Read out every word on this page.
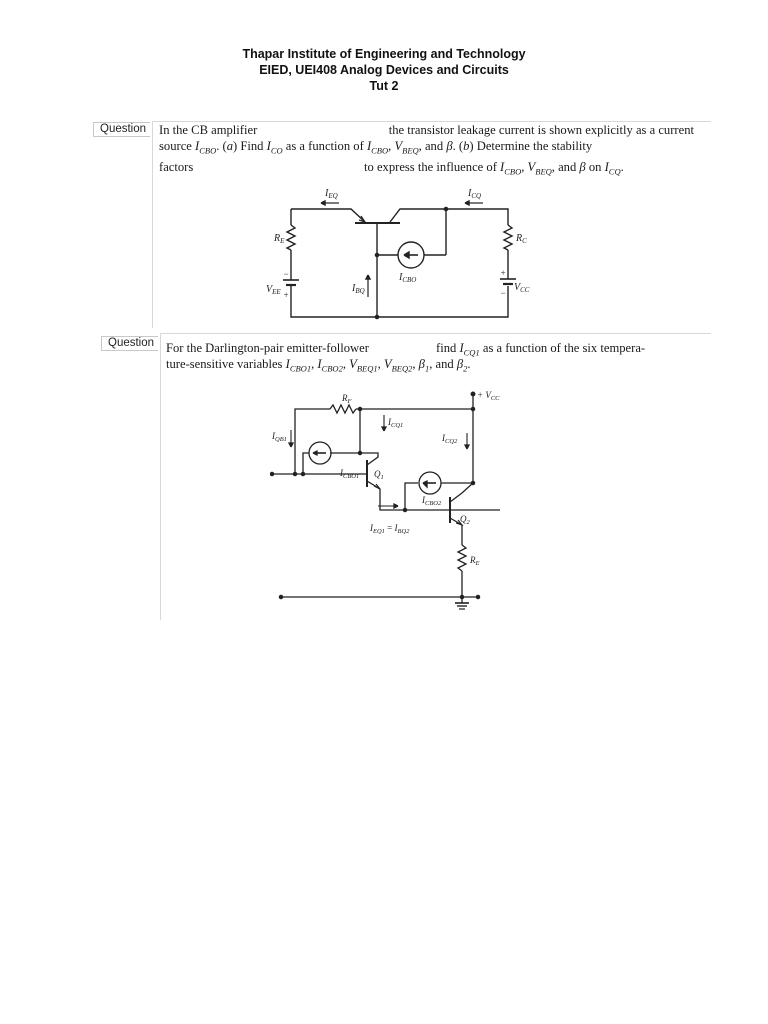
Thapar Institute of Engineering and Technology
EIED, UEI408 Analog Devices and Circuits
Tut 2
Question	In the CB amplifier	the transistor leakage current is shown explicitly as a current
source $I_{CBO}$. (a) Find $I_{CO}$ as a function of $I_{CBO}$, $V_{BEQ}$, and β. (b) Determine the stability
factors	to express the influence of $I_{CBO}$, $V_{BEQ}$, and β on $I_{CQ}$.
$I_{EQ}$	$I_{CQ}$
$R_E$	$R_C$
$I_{CBO}$
$I_{BQ}$
$V_{EE}$	$V_{CC}$
−
+
+
−
Question For the Darlington-pair emitter-follower	find $I_{CQ1}$ as a function of the six tempera-
ture-sensitive variables $I_{CBO1}$, $I_{CBO2}$, $V_{BEQ1}$, $V_{BEQ2}$, $\beta_1$, and $\beta_2$.
$R_F$
+ $V_{CC}$
$I_{QB1}$
$I_{CQ1}$
$I_{CQ2}$
$I_{CBO1}$ $Q_1$
$I_{CBO2}$
$Q_2$
$I_{EQ1} = I_{BQ2}$
$R_E$
